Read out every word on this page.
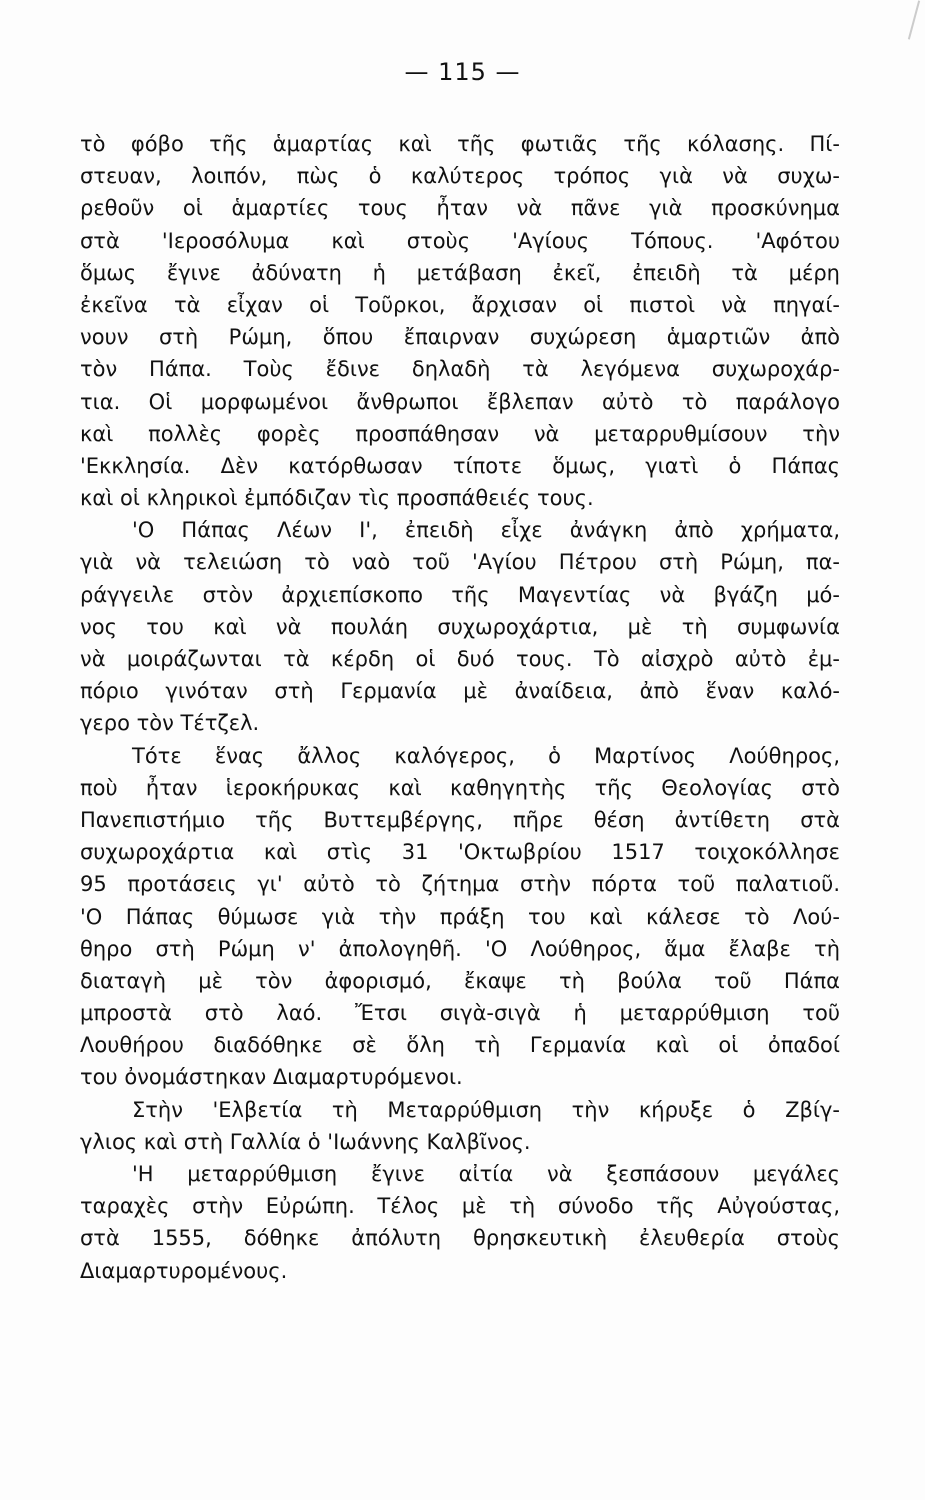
— 115 —
τὸ φόβο τῆς ἁμαρτίας καὶ τῆς φωτιᾶς τῆς κόλασης. Πί-
στευαν, λοιπόν, πὼς ὁ καλύτερος τρόπος γιὰ νὰ συχω-
ρεθοῦν οἱ ἁμαρτίες τους ἦταν νὰ πᾶνε γιὰ προσκύνημα
στὰ 'Ιεροσόλυμα καὶ στοὺς 'Αγίους Τόπους. 'Αφότου
ὅμως ἔγινε ἀδύνατη ἡ μετάβαση ἐκεῖ, ἐπειδὴ τὰ μέρη
ἐκεῖνα τὰ εἶχαν οἱ Τοῦρκοι, ἄρχισαν οἱ πιστοὶ νὰ πηγαί-
νουν στὴ Ρώμη, ὅπου ἔπαιρναν συχώρεση ἁμαρτιῶν ἀπὸ
τὸν Πάπα. Τοὺς ἔδινε δηλαδὴ τὰ λεγόμενα συχωροχάρ-
τια. Οἱ μορφωμένοι ἄνθρωποι ἔβλεπαν αὐτὸ τὸ παράλογο
καὶ πολλὲς φορὲς προσπάθησαν νὰ μεταρρυθμίσουν τὴν
'Εκκλησία. Δὲν κατόρθωσαν τίποτε ὅμως, γιατὶ ὁ Πάπας
καὶ οἱ κληρικοὶ ἐμπόδιζαν τὶς προσπάθειές τους.
'Ο Πάπας Λέων Ι', ἐπειδὴ εἶχε ἀνάγκη ἀπὸ χρήματα,
γιὰ νὰ τελειώση τὸ ναὸ τοῦ 'Αγίου Πέτρου στὴ Ρώμη, πα-
ράγγειλε στὸν ἀρχιεπίσκοπο τῆς Μαγεντίας νὰ βγάζη μό-
νος του καὶ νὰ πουλάη συχωροχάρτια, μὲ τὴ συμφωνία
νὰ μοιράζωνται τὰ κέρδη οἱ δυό τους. Τὸ αἰσχρὸ αὐτὸ ἐμ-
πόριο γινόταν στὴ Γερμανία μὲ ἀναίδεια, ἀπὸ ἕναν καλό-
γερο τὸν Τέτζελ.
Τότε ἕνας ἄλλος καλόγερος, ὁ Μαρτίνος Λούθηρος,
ποὺ ἦταν ἱεροκήρυκας καὶ καθηγητὴς τῆς Θεολογίας στὸ
Πανεπιστήμιο τῆς Βυττεμβέργης, πῆρε θέση ἀντίθετη στὰ
συχωροχάρτια καὶ στὶς 31 'Οκτωβρίου 1517 τοιχοκόλλησε
95 προτάσεις γι' αὐτὸ τὸ ζήτημα στὴν πόρτα τοῦ παλατιοῦ.
'Ο Πάπας θύμωσε γιὰ τὴν πράξη του καὶ κάλεσε τὸ Λού-
θηρο στὴ Ρώμη ν' ἀπολογηθῆ. 'Ο Λούθηρος, ἅμα ἔλαβε τὴ
διαταγὴ μὲ τὸν ἀφορισμό, ἔκαψε τὴ βούλα τοῦ Πάπα
μπροστὰ στὸ λαό. Ἔτσι σιγὰ-σιγὰ ἡ μεταρρύθμιση τοῦ
Λουθήρου διαδόθηκε σὲ ὅλη τὴ Γερμανία καὶ οἱ ὀπαδοί
του ὀνομάστηκαν Διαμαρτυρόμενοι.
Στὴν 'Ελβετία τὴ Μεταρρύθμιση τὴν κήρυξε ὁ Ζβίγ-
γλιος καὶ στὴ Γαλλία ὁ 'Ιωάννης Καλβῖνος.
'Η μεταρρύθμιση ἔγινε αἰτία νὰ ξεσπάσουν μεγάλες
ταραχὲς στὴν Εὐρώπη. Τέλος μὲ τὴ σύνοδο τῆς Αὐγούστας,
στὰ 1555, δόθηκε ἀπόλυτη θρησκευτικὴ ἐλευθερία στοὺς
Διαμαρτυρομένους.
